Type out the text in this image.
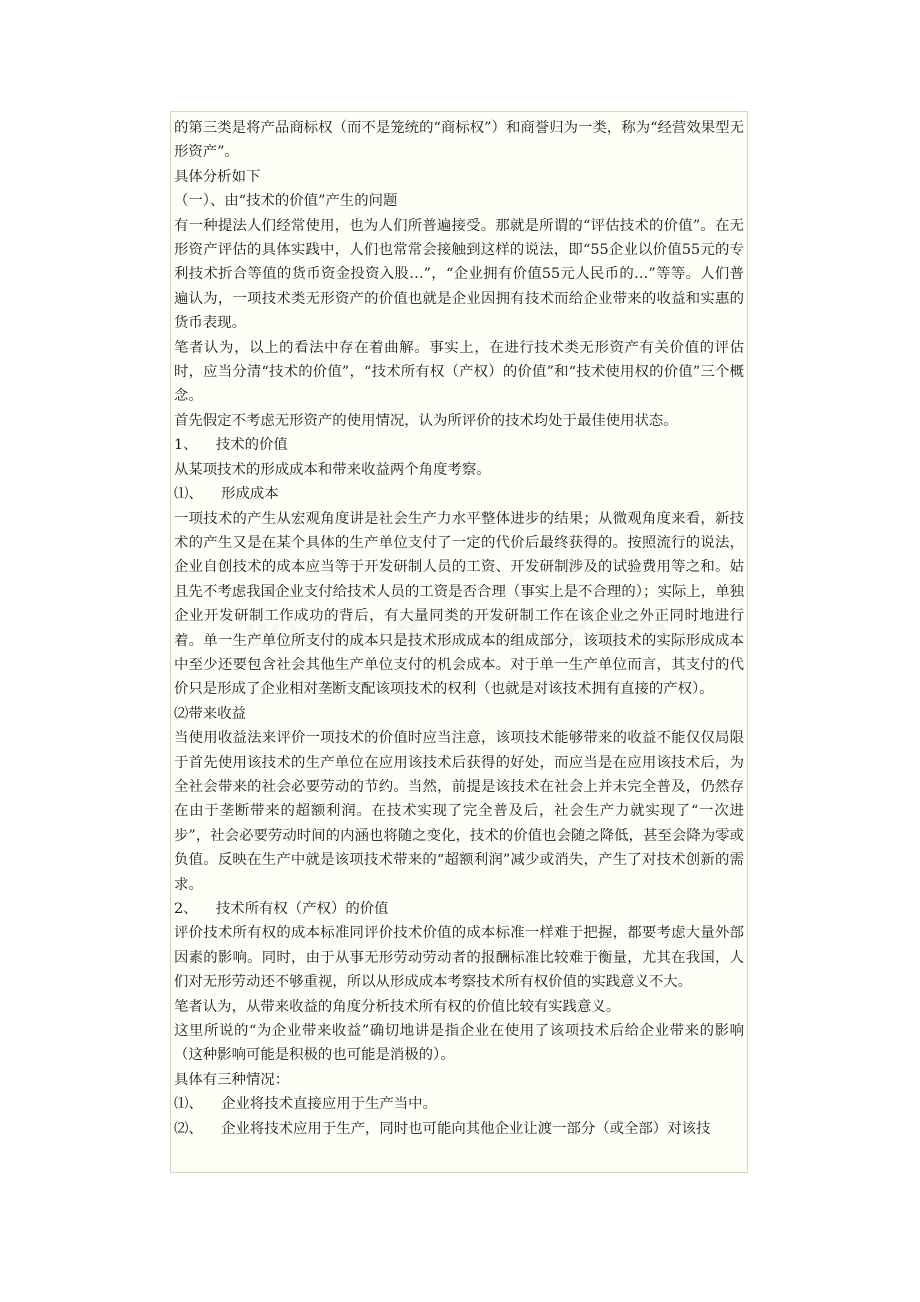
的第三类是将产品商标权（而不是笼统的“商标权”）和商誉归为一类，称为“经营效果型无形资产”。

具体分析如下

（一）、由“技术的价值”产生的问题

有一种提法人们经常使用，也为人们所普遍接受。那就是所谓的“评估技术的价值”。在无形资产评估的具体实践中，人们也常常会接触到这样的说法，即“55企业以价值55元的专利技术折合等值的货币资金投资入股…”，“企业拥有价值55元人民币的…”等等。人们普遍认为，一项技术类无形资产的价值也就是企业因拥有技术而给企业带来的收益和实惠的货币表现。

笔者认为，以上的看法中存在着曲解。事实上，在进行技术类无形资产有关价值的评估时，应当分清“技术的价值”，“技术所有权（产权）的价值”和“技术使用权的价值”三个概念。

首先假定不考虑无形资产的使用情况，认为所评价的技术均处于最佳使用状态。

1、    技术的价值

从某项技术的形成成本和带来收益两个角度考察。

⑴、    形成成本

一项技术的产生从宏观角度讲是社会生产力水平整体进步的结果；从微观角度来看，新技术的产生又是在某个具体的生产单位支付了一定的代价后最终获得的。按照流行的说法，企业自创技术的成本应当等于开发研制人员的工资、开发研制涉及的试验费用等之和。姑且先不考虑我国企业支付给技术人员的工资是否合理（事实上是不合理的）；实际上，单独企业开发研制工作成功的背后，有大量同类的开发研制工作在该企业之外正同时地进行着。单一生产单位所支付的成本只是技术形成成本的组成部分，该项技术的实际形成成本中至少还要包含社会其他生产单位支付的机会成本。对于单一生产单位而言，其支付的代价只是形成了企业相对垄断支配该项技术的权利（也就是对该技术拥有直接的产权）。

⑵带来收益

当使用收益法来评价一项技术的价值时应当注意，该项技术能够带来的收益不能仅仅局限于首先使用该技术的生产单位在应用该技术后获得的好处，而应当是在应用该技术后，为全社会带来的社会必要劳动的节约。当然，前提是该技术在社会上并未完全普及，仍然存在由于垄断带来的超额利润。在技术实现了完全普及后，社会生产力就实现了“一次进步”，社会必要劳动时间的内涵也将随之变化，技术的价值也会随之降低，甚至会降为零或负值。反映在生产中就是该项技术带来的“超额利润”减少或消失，产生了对技术创新的需求。

2、    技术所有权（产权）的价值

评价技术所有权的成本标准同评价技术价值的成本标准一样难于把握，都要考虑大量外部因素的影响。同时，由于从事无形劳动劳动者的报酬标准比较难于衡量，尤其在我国，人们对无形劳动还不够重视，所以从形成成本考察技术所有权价值的实践意义不大。

笔者认为，从带来收益的角度分析技术所有权的价值比较有实践意义。

这里所说的“为企业带来收益”确切地讲是指企业在使用了该项技术后给企业带来的影响（这种影响可能是积极的也可能是消极的）。

具体有三种情况：

⑴、    企业将技术直接应用于生产当中。

⑵、    企业将技术应用于生产，同时也可能向其他企业让渡一部分（或全部）对该技
